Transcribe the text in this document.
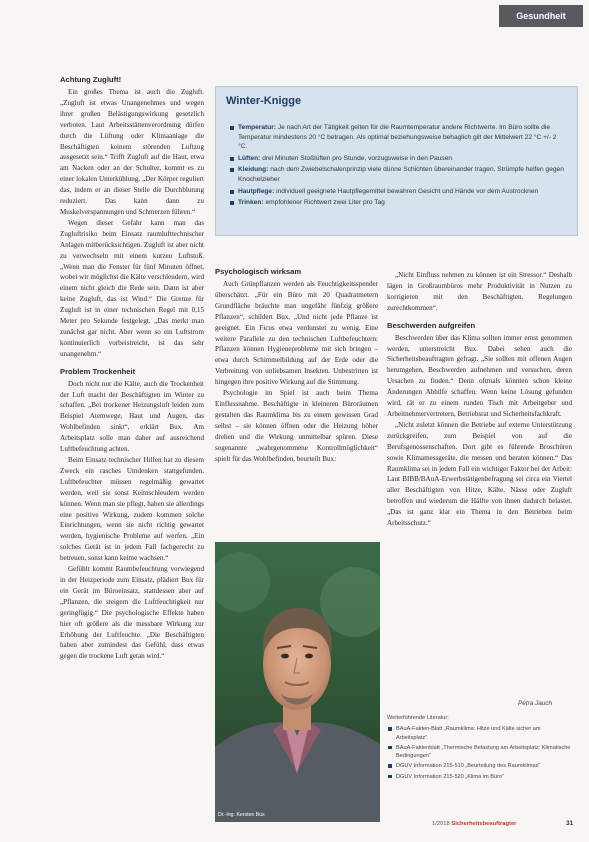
Gesundheit
Achtung Zugluft!

Ein großes Thema ist auch die Zugluft. „Zugluft ist etwas Unangenehmes und wegen ihrer großen Belästigungswirkung gesetzlich verboten. Laut Arbeitsstättenverordnung dürfen durch die Lüftung oder Klimaanlage die Beschäftigten keinem störenden Luftzug ausgesetzt sein.“ Trifft Zugluft auf die Haut, etwa am Nacken oder an der Schulter, kommt es zu einer lokalen Unterkühlung. „Der Körper reguliert das, indem er an dieser Stelle die Durchblutung reduziert. Das kann dann zu Muskelverspannungen und Schmerzen führen.“

Wegen dieser Gefahr kann man das Zugluftrisiko beim Einsatz raumlufttechnischer Anlagen mitberücksichtigen. Zugluft ist aber nicht zu verwechseln mit einem kurzen Luftstoß. „Wenn man die Fenster für fünf Minuten öffnet, wobei wir möglichst die Kälte verschleudern, wird einem nicht gleich die Rede sein. Dann ist aber keine Zugluft, das ist Wind.“ Die Grenze für Zugluft ist in einer technischen Regel mit 0,15 Meter pro Sekunde festgelegt. „Das merkt man zunächst gar nicht. Aber wenn so ein Luftstrom kontinuierlich vorbeistreicht, ist das sehr unangenehm.“

Problem Trockenheit

Doch nicht nur die Kälte, auch die Trockenheit der Luft macht der Beschäftigten im Winter zu schaffen. „Bei trockener Heizungsluft leiden zum Beispiel Atemwege, Haut und Augen, das Wohlbefinden sinkt“, erklärt Bux. Am Arbeitsplatz solle man daher auf ausreichend Luftbefeuchtung achten.

Beim Einsatz technischer Hilfen hat zu diesem Zweck ein rasches Umdenken stattgefunden. Luftbefeuchter müssen regelmäßig gewartet werden, weil sie sonst Keimschleudern werden können. Wenn man sie pflegt, haben sie allerdings eine positive Wirkung, zudem kommen solche Einrichtungen, wenn sie nicht richtig gewartet werden, hygienische Probleme auf werfen. „Ein solches Gerät ist in jedem Fall fachgerecht zu betreuen, sonst kann keime wachsen.“

Gefühlt kommt Raumbefeuchtung vorwiegend in der Heizperiode zum Einsatz, plädiert Bux für ein Gerät im Büroeinsatz, stattdessen aber auf „Pflanzen, die steigern die Luftfeuchtigkeit nur geringfügig.“ Die psychologische Effekte haben hier oft größere als die messbare Wirkung zur Erhöhung der Luftfeuchte. „Die Beschäftigten haben aber zumindest das Gefühl, dass etwas gegen die trockene Luft getan wird.“

Winter-Knigge
Temperatur: Je nach Art der Tätigkeit gelten für die Raumtemperatur andere Richtwerte. Im Büro sollte die Temperatur mindestens 20 °C betragen. Als optimal beziehungsweise behaglich gilt der Mittelwert 22 °C +/- 2 °C.
Lüften: drei Minuten Stoßlüften pro Stunde, vorzugsweise in den Pausen
Kleidung: nach dem Zwiebelschalenprinzip viele dünne Schichten übereinander tragen, Strümpfe helfen gegen Knochelzieher
Hautpflege: individuell geeignete Hautpflegemittel bewahren Gesicht und Hände vor dem Austrocknen
Trinken: empfohlener Richtwert zwei Liter pro Tag
Psychologisch wirksam

Auch Grünpflanzen werden als Feuchtigkeitsspender überschätzt. „Für ein Büro mit 20 Quadratmetern Grundfläche bräuchte man ungefähr fünfzig größere Pflanzen“, schildert Bux. „Und nicht jede Pflanze ist geeignet. Ein Ficus etwa verdunstet zu wenig. Eine weitere Parallele zu den technischen Luftbefeuchtern: Pflanzen können Hygieneprobleme mit sich bringen – etwa durch Schimmelbildung auf der Erde oder die Verbreitung von unliebsamen Insekten. Unbestritten ist hingegen ihre positive Wirkung auf die Stimmung.

Psychologie im Spiel ist auch beim Thema Einflussnahme. Beschäftigte in kleineren Büroräumen gestalten das Raumklima bis zu einem gewissen Grad selbst – sie können öffnen oder die Heizung höher drehen und die Wirkung unmittelbar spüren. Diese sogenannte „wahrgenommene Kontrollmöglichkeit“ spielt für das Wohlbefinden, beurteilt Bux:

„Nicht Einfluss nehmen zu können ist ein Stressor.“ Deshalb lägen in Großraumbüros mehr Produktivität in Nutzen zu korrigieren mit den Beschäftigten. Regelungen zurechtkommen“.

Beschwerden aufgreifen

Beschwerden über das Klima sollten immer ernst genommen werden, unterstreicht Bux. Dabei sehen auch die Sicherheitsbeauftragten gefragt. „Sie sollten mit offenen Augen herumgehen, Beschwerden aufnehmen und versuchen, deren Ursachen zu finden.“ Denn oftmals könnten schon kleine Änderungen Abhilfe schaffen. Wenn keine Lösung gefunden wird, rät er zu einem runden Tisch mit Arbeitgeber und Arbeitnehmervertretern, Betriebsrat und Sicherheitsfachkraft.

„Nicht zuletzt können die Betriebe auf externe Unterstützung zurückgreifen, zum Beispiel von auf die Berufsgenossenschaften. Dort gibt es führende Broschüren sowie Klimamessgeräte, die messen und beraten können.“ Das Raumklima sei in jedem Fall ein wichtiger Faktor bei der Arbeit: Laut BIBB/BAuA-Erwerbstätigenbefragung sei circa ein Viertel aller Beschäftigten von Hitze, Kälte, Nässe oder Zugluft betroffen und wiederum die Hälfte von ihnen dadurch belastet. „Das ist ganz klar ein Thema in den Betrieben beim Arbeitsschutz.“

Petra Jauch
Dr.-Ing. Kersten Bux
Weiterführende Literatur:
BAuA-Fakten-Blatt „Raumklima: Hitze und Kälte sicher am Arbeitsplatz“
BAuA-Faktenblatt „Thermische Belastung am Arbeitsplatz: Klimatische Bedingungen“
DGUV Information 215-510 „Beurteilung des Raumklimas“
DGUV Information 215-520 „Klima im Büro“
1/2018 Sicherheitsbeauftragter	31
